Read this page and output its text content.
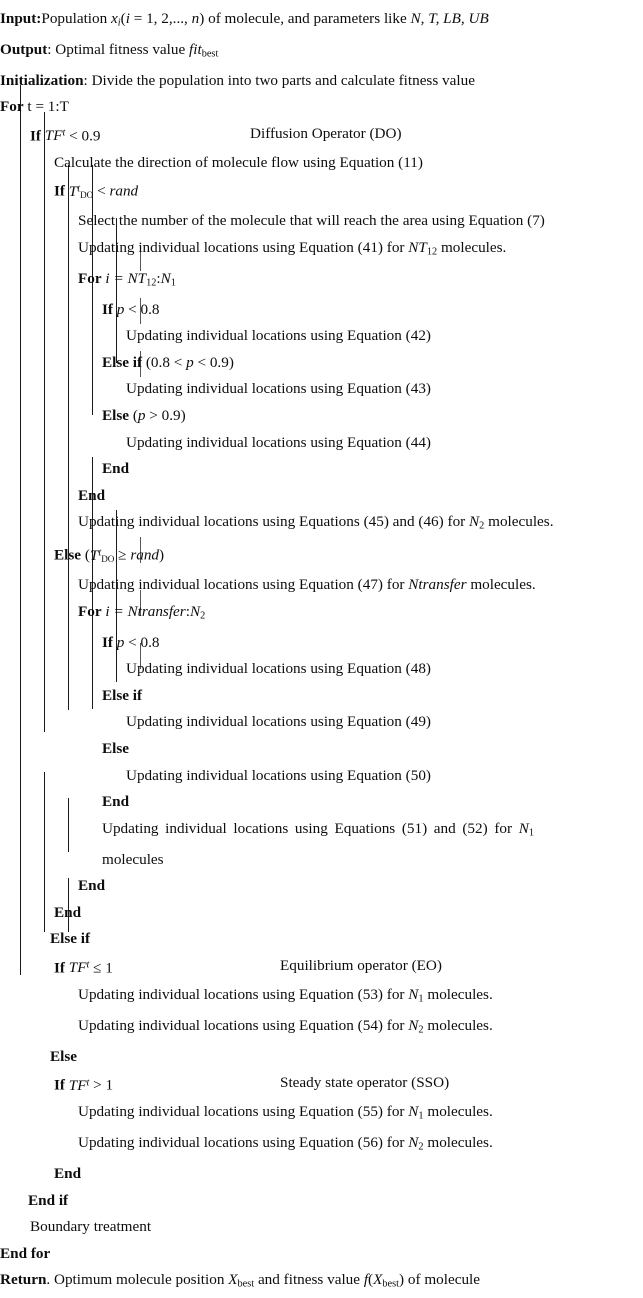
Input:Population $x_i(i = 1$, 2,..., n) of molecule, and parameters like N, T, LB, UB
Output: Optimal fitness value fit$_{best}$
Initialization: Divide the population into two parts and calculate fitness value
For t = 1:T
If $TF^t < 0.9$	Diffusion Operator (DO)
Calculate the direction of molecule flow using Equation (11)
If $T^t_{DO}$ < rand
Select the number of the molecule that will reach the area using Equation (7)
Updating individual locations using Equation (41) for $NT_{12}$ molecules.
For $i = NT_{12}:N_1$
If p < 0.8
Updating individual locations using Equation (42)
Else if (0.8 < p < 0.9)
Updating individual locations using Equation (43)
Else (p > 0.9)
Updating individual locations using Equation (44)
End
End
Updating individual locations using Equations (45) and (46) for $N_2$ molecules.
Else ($T^t_{DO}$ ≥ rand)
Updating individual locations using Equation (47) for Ntransfer molecules.
For $i = Ntransfer:N_2$
If p < 0.8
Updating individual locations using Equation (48)
Else if
Updating individual locations using Equation (49)
Else
Updating individual locations using Equation (50)
End
Updating individual locations using Equations (51) and (52) for $N_1$ molecules
End
End
Else if
If $TF^t \le 1$	Equilibrium operator (EO)
Updating individual locations using Equation (53) for $N_1$ molecules.
Updating individual locations using Equation (54) for $N_2$ molecules.
Else
If $TF^t > 1$	Steady state operator (SSO)
Updating individual locations using Equation (55) for $N_1$ molecules.
Updating individual locations using Equation (56) for $N_2$ molecules.
End
End if
Boundary treatment
End for
Return. Optimum molecule position $X_{best}$ and fitness value $f(X_{best})$ of molecule
